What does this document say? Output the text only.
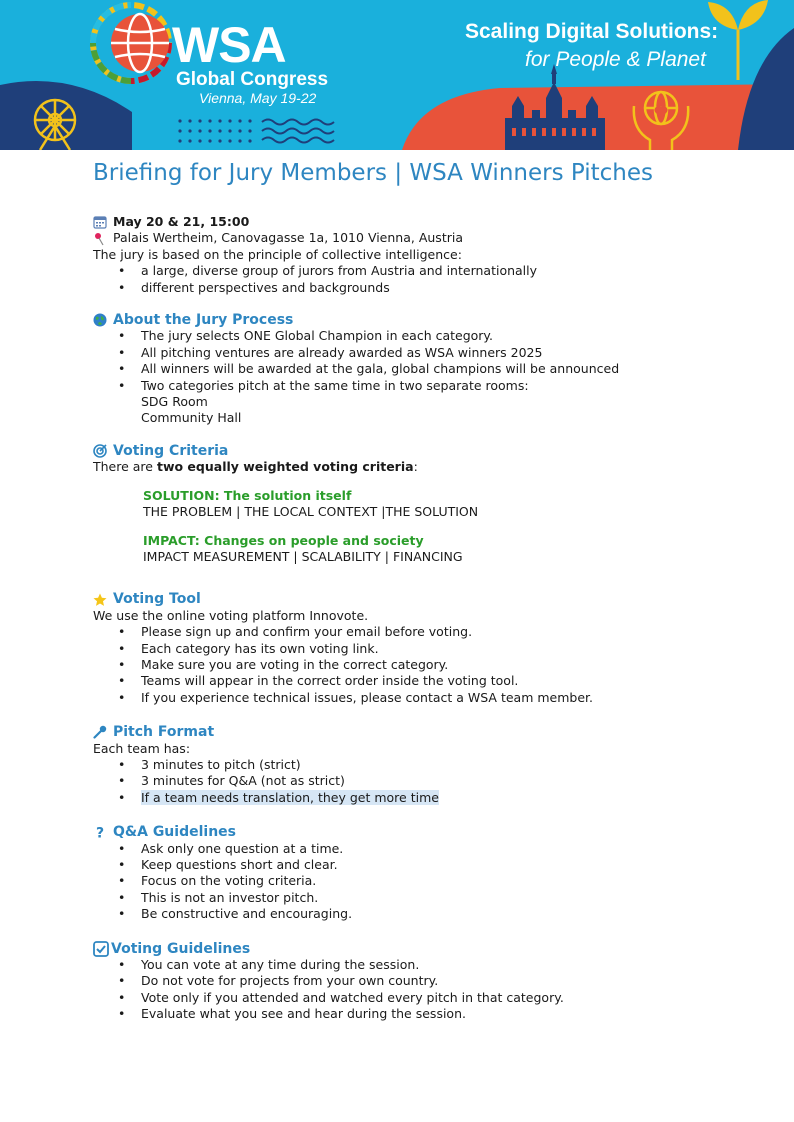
WSA
Global Congress
Vienna, May 19-22
Scaling Digital Solutions:
for People & Planet
Briefing for Jury Members | WSA Winners Pitches
May 20 & 21, 15:00
Palais Wertheim, Canovagasse 1a, 1010 Vienna, Austria

The jury is based on the principle of collective intelligence:

• a large, diverse group of jurors from Austria and internationally
• different perspectives and backgrounds
About the Jury Process
• The jury selects ONE Global Champion in each category.
• All pitching ventures are already awarded as WSA winners 2025
• All winners will be awarded at the gala, global champions will be announced
• Two categories pitch at the same time in two separate rooms:

SDG Room

Community Hall

Voting Criteria

There are two equally weighted voting criteria:

SOLUTION: The solution itself

THE PROBLEM | THE LOCAL CONTEXT |THE SOLUTION

IMPACT: Changes on people and society

IMPACT MEASUREMENT | SCALABILITY | FINANCING

Voting Tool

We use the online voting platform Innovote.

• Please sign up and confirm your email before voting.
• Each category has its own voting link.
• Make sure you are voting in the correct category.
• Teams will appear in the correct order inside the voting tool.
• If you experience technical issues, please contact a WSA team member.
Pitch Format

Each team has:

• 3 minutes to pitch (strict)
• 3 minutes for Q&A (not as strict)
• If a team needs translation, they get more time
? Q&A Guidelines
• Ask only one question at a time.
• Keep questions short and clear.
• Focus on the voting criteria.
• This is not an investor pitch.
• Be constructive and encouraging.
Voting Guidelines
• You can vote at any time during the session.
• Do not vote for projects from your own country.
• Vote only if you attended and watched every pitch in that category.
• Evaluate what you see and hear during the session.
